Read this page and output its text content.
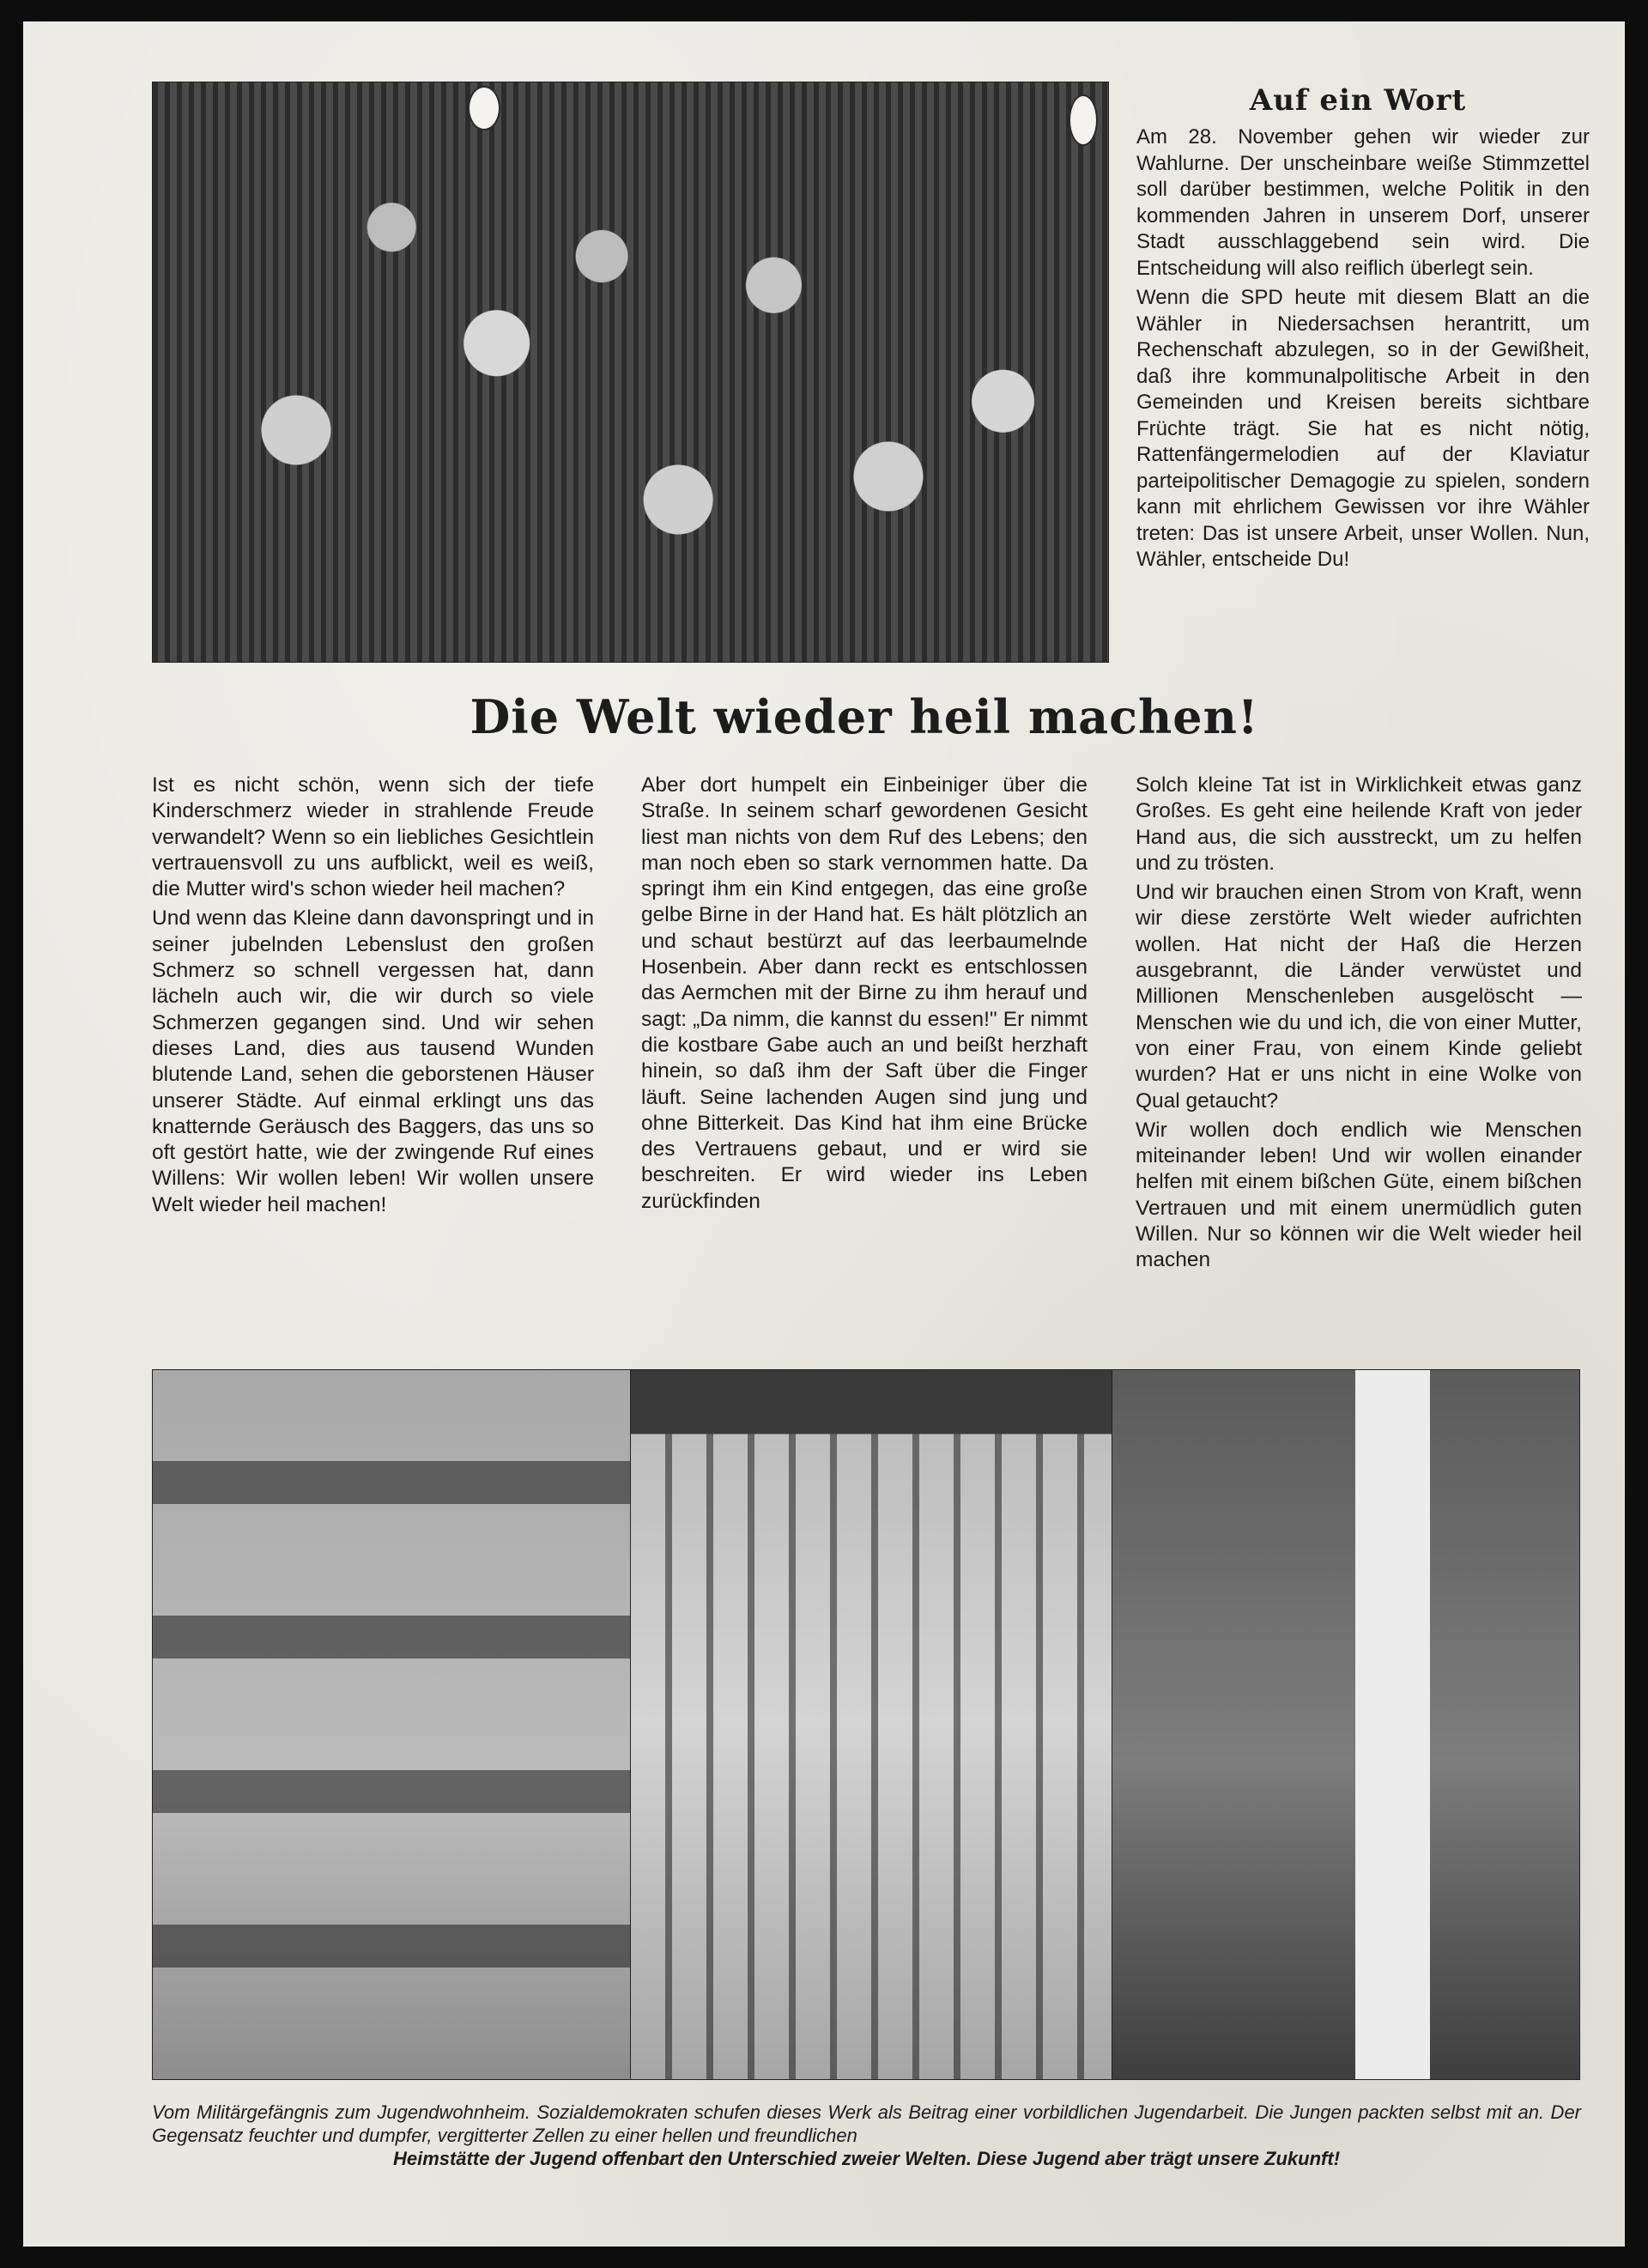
Auf ein Wort

Am 28. November gehen wir wieder zur Wahlurne. Der unscheinbare weiße Stimmzettel soll darüber bestimmen, welche Politik in den kommenden Jahren in unserem Dorf, unserer Stadt ausschlaggebend sein wird. Die Entscheidung will also reiflich überlegt sein.

Wenn die SPD heute mit diesem Blatt an die Wähler in Niedersachsen herantritt, um Rechenschaft abzulegen, so in der Gewißheit, daß ihre kommunalpolitische Arbeit in den Gemeinden und Kreisen bereits sichtbare Früchte trägt. Sie hat es nicht nötig, Rattenfängermelodien auf der Klaviatur parteipolitischer Demagogie zu spielen, sondern kann mit ehrlichem Gewissen vor ihre Wähler treten: Das ist unsere Arbeit, unser Wollen. Nun, Wähler, entscheide Du!

Die Welt wieder heil machen!

Ist es nicht schön, wenn sich der tiefe Kinderschmerz wieder in strahlende Freude verwandelt? Wenn so ein liebliches Gesichtlein vertrauensvoll zu uns aufblickt, weil es weiß, die Mutter wird's schon wieder heil machen?

Und wenn das Kleine dann davonspringt und in seiner jubelnden Lebenslust den großen Schmerz so schnell vergessen hat, dann lächeln auch wir, die wir durch so viele Schmerzen gegangen sind. Und wir sehen dieses Land, dies aus tausend Wunden blutende Land, sehen die geborstenen Häuser unserer Städte. Auf einmal erklingt uns das knatternde Geräusch des Baggers, das uns so oft gestört hatte, wie der zwingende Ruf eines Willens: Wir wollen leben! Wir wollen unsere Welt wieder heil machen!

Aber dort humpelt ein Einbeiniger über die Straße. In seinem scharf gewordenen Gesicht liest man nichts von dem Ruf des Lebens; den man noch eben so stark vernommen hatte. Da springt ihm ein Kind entgegen, das eine große gelbe Birne in der Hand hat. Es hält plötzlich an und schaut bestürzt auf das leerbaumelnde Hosenbein. Aber dann reckt es entschlossen das Aermchen mit der Birne zu ihm herauf und sagt: „Da nimm, die kannst du essen!" Er nimmt die kostbare Gabe auch an und beißt herzhaft hinein, so daß ihm der Saft über die Finger läuft. Seine lachenden Augen sind jung und ohne Bitterkeit. Das Kind hat ihm eine Brücke des Vertrauens gebaut, und er wird sie beschreiten. Er wird wieder ins Leben zurückfinden

Solch kleine Tat ist in Wirklichkeit etwas ganz Großes. Es geht eine heilende Kraft von jeder Hand aus, die sich ausstreckt, um zu helfen und zu trösten.

Und wir brauchen einen Strom von Kraft, wenn wir diese zerstörte Welt wieder aufrichten wollen. Hat nicht der Haß die Herzen ausgebrannt, die Länder verwüstet und Millionen Menschenleben ausgelöscht — Menschen wie du und ich, die von einer Mutter, von einer Frau, von einem Kinde geliebt wurden? Hat er uns nicht in eine Wolke von Qual getaucht?

Wir wollen doch endlich wie Menschen miteinander leben! Und wir wollen einander helfen mit einem bißchen Güte, einem bißchen Vertrauen und mit einem unermüdlich guten Willen. Nur so können wir die Welt wieder heil machen

Vom Militärgefängnis zum Jugendwohnheim. Sozialdemokraten schufen dieses Werk als Beitrag einer vorbildlichen Jugendarbeit. Die Jungen packten selbst mit an. Der Gegensatz feuchter und dumpfer, vergitterter Zellen zu einer hellen und freundlichen
Heimstätte der Jugend offenbart den Unterschied zweier Welten. Diese Jugend aber trägt unsere Zukunft!
